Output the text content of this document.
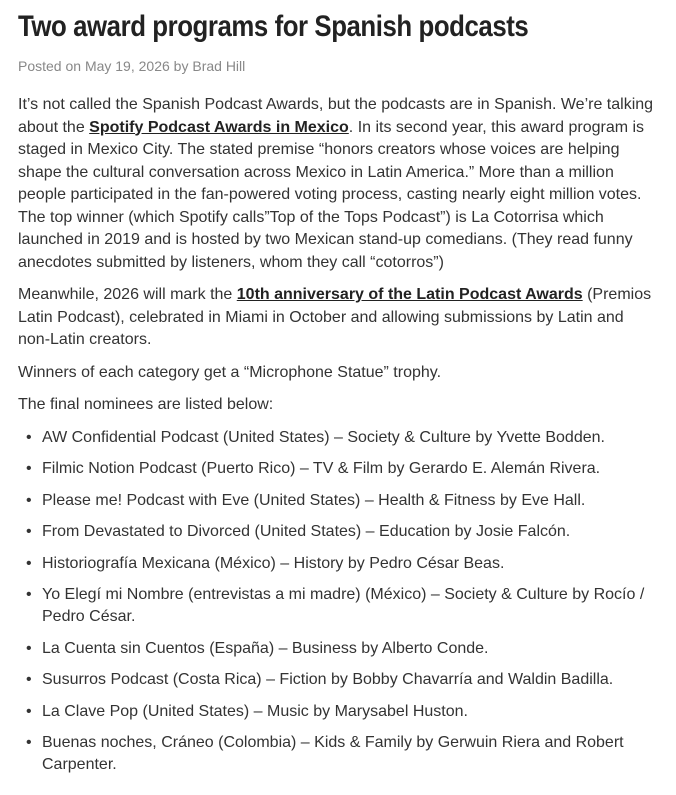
Two award programs for Spanish podcasts
Posted on May 19, 2026 by Brad Hill

It’s not called the Spanish Podcast Awards, but the podcasts are in Spanish. We’re talking about the Spotify Podcast Awards in Mexico. In its second year, this award program is staged in Mexico City. The stated premise “honors creators whose voices are helping shape the cultural conversation across Mexico in Latin America.” More than a million people participated in the fan-powered voting process, casting nearly eight million votes. The top winner (which Spotify calls”Top of the Tops Podcast”) is La Cotorrisa which launched in 2019 and is hosted by two Mexican stand-up comedians. (They read funny anecdotes submitted by listeners, whom they call “cotorros”)

Meanwhile, 2026 will mark the 10th anniversary of the Latin Podcast Awards (Premios Latin Podcast), celebrated in Miami in October and allowing submissions by Latin and non-Latin creators.

Winners of each category get a “Microphone Statue” trophy.

The final nominees are listed below:

• AW Confidential Podcast (United States) – Society & Culture by Yvette Bodden.
• Filmic Notion Podcast (Puerto Rico) – TV & Film by Gerardo E. Alemán Rivera.
• Please me! Podcast with Eve (United States) – Health & Fitness by Eve Hall.
• From Devastated to Divorced (United States) – Education by Josie Falcón.
• Historiografía Mexicana (México) – History by Pedro César Beas.
• Yo Elegí mi Nombre (entrevistas a mi madre) (México) – Society & Culture by Rocío / Pedro César.
• La Cuenta sin Cuentos (España) – Business by Alberto Conde.
• Susurros Podcast (Costa Rica) – Fiction by Bobby Chavarría and Waldin Badilla.
• La Clave Pop (United States) – Music by Marysabel Huston.
• Buenas noches, Cráneo (Colombia) – Kids & Family by Gerwuin Riera and Robert Carpenter.
